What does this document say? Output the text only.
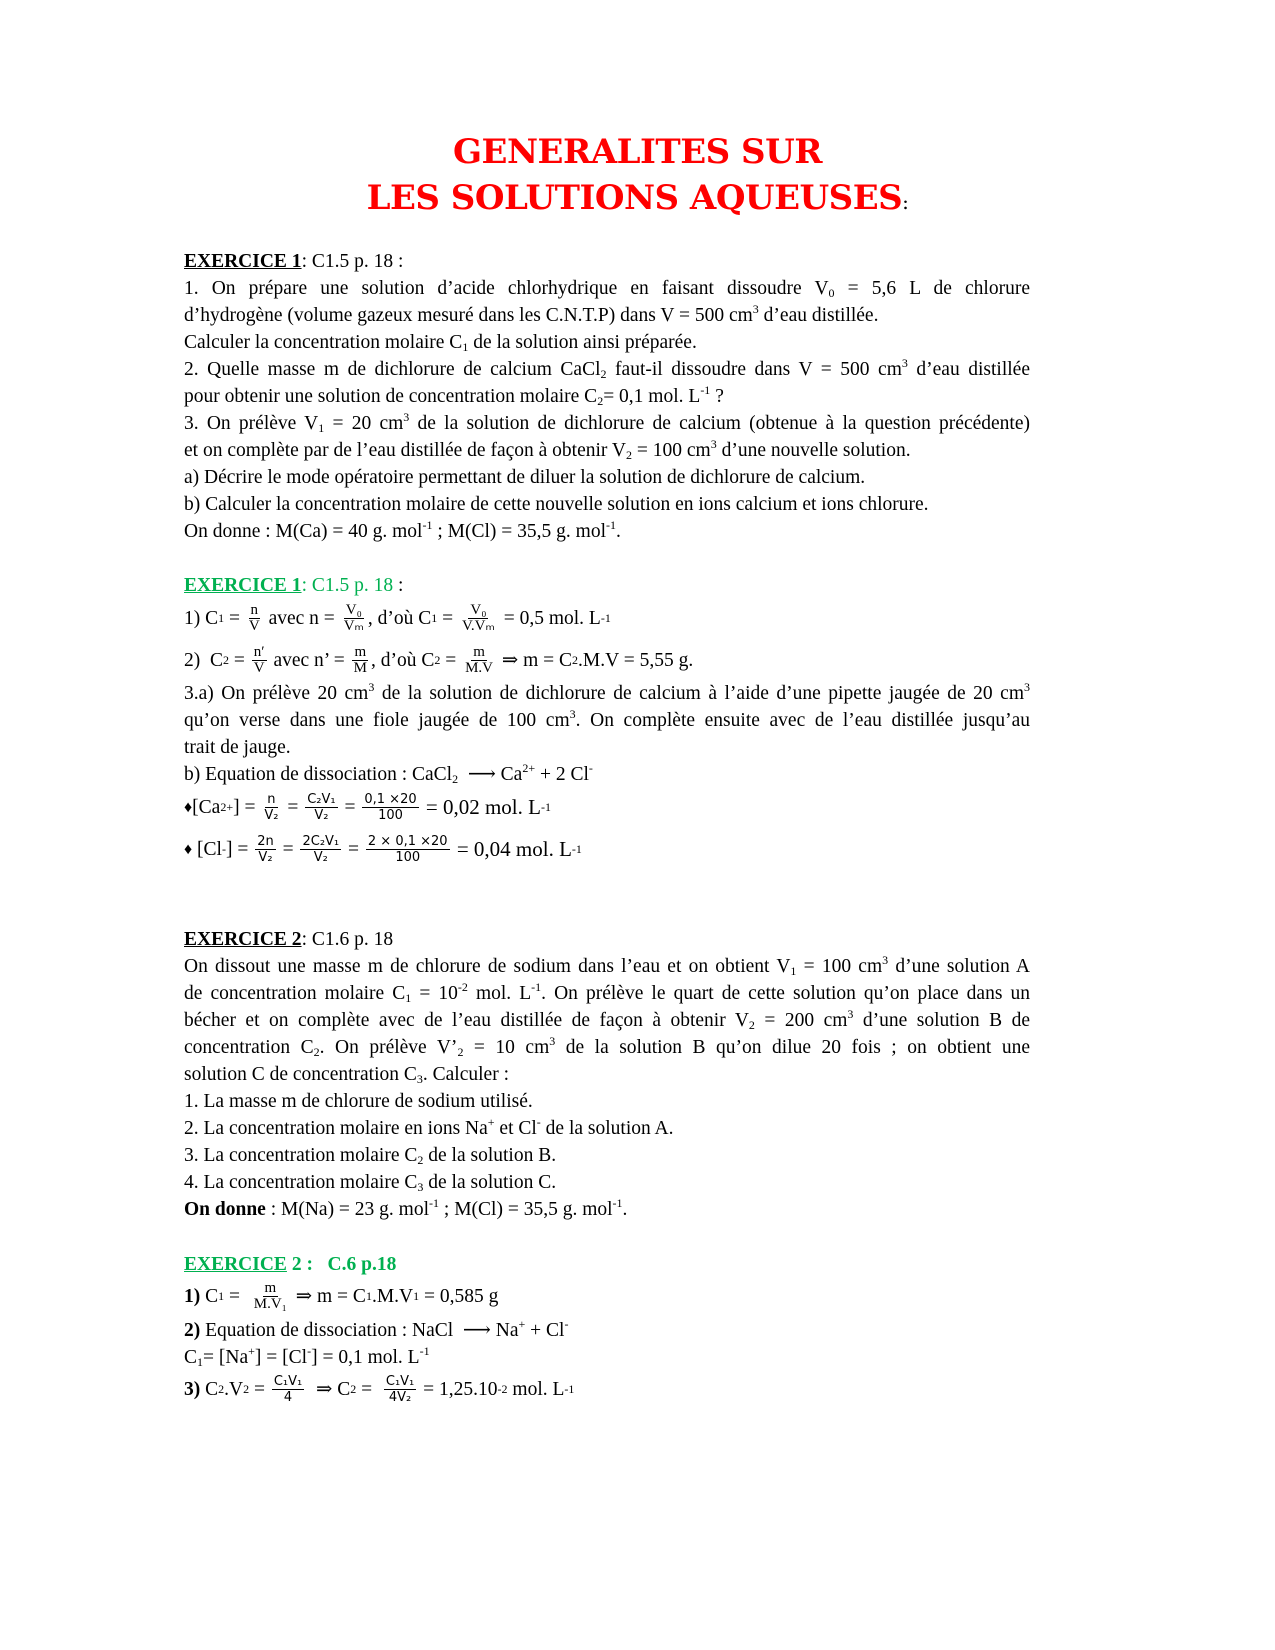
GENERALITES SUR
LES SOLUTIONS AQUEUSES:
EXERCICE 1: C1.5 p. 18 :
1. On prépare une solution d’acide chlorhydrique en faisant dissoudre $V_0 = 5,6$ L de chlorure
d’hydrogène (volume gazeux mesuré dans les C.N.T.P) dans V = 500 $cm^3$ d’eau distillée.
Calculer la concentration molaire $C_1$ de la solution ainsi préparée.
2. Quelle masse m de dichlorure de calcium CaCl$_2$ faut-il dissoudre dans V = 500 $cm^3$ d’eau distillée
pour obtenir une solution de concentration molaire $C_2= 0,1$ mol. $L^{-1}$ ?
3. On prélève $V_1 = 20$ $cm^3$ de la solution de dichlorure de calcium (obtenue à la question précédente)
et on complète par de l’eau distillée de façon à obtenir $V_2 = 100$ $cm^3$ d’une nouvelle solution.
a) Décrire le mode opératoire permettant de diluer la solution de dichlorure de calcium.
b) Calculer la concentration molaire de cette nouvelle solution en ions calcium et ions chlorure.
On donne : M(Ca) = 40 g. mol$^{-1}$ ; M(Cl) = 35,5 g. mol$^{-1}$.
EXERCICE 1: C1.5 p. 18 :
1) C $1 = \frac{n}{V}$ avec $n = \frac{\text{V₀}}{\text{Vₘ}}$ , d’où C $1 = \frac{\text{V₀}}{\text{V.Vₘ}} = 0,5$ mol. L -1
2)  C $2 = \frac{n'}{V}$ avec n’ = $\frac{m}{M}$ , d’où C $2 = \frac{m}{M.V}$ ⇒ m = C 2 .M.V = 5,55 g.
3.a) On prélève 20 $cm^3$ de la solution de dichlorure de calcium à l’aide d’une pipette jaugée de 20 $cm^3$
qu’on verse dans une fiole jaugée de 100 $cm^3$. On complète ensuite avec de l’eau distillée jusqu’au
trait de jauge.
b) Equation de dissociation : CaCl$_2$  ⟶ $Ca^{2+} + 2$ Cl-
♦ [Ca 2+ ] = $\frac{n}{\text{V₂}} = \frac{\text{C₂V₁}}{\text{V₂}} = \frac{0,1 \times 20}{100} = 0,02$ mol. L -1
♦ [Cl - ] = $\frac{2n}{\text{V₂}} = \frac{\text{2C₂V₁}}{\text{V₂}} = \frac{2 \times 0,1 \times 20}{100} = 0,04$ mol. L -1
EXERCICE 2: C1.6 p. 18
On dissout une masse m de chlorure de sodium dans l’eau et on obtient $V_1 = 100$ $cm^3$ d’une solution A
de concentration molaire $C_1 = 10^{-2}$ mol. $L^{-1}$. On prélève le quart de cette solution qu’on place dans un
bécher et on complète avec de l’eau distillée de façon à obtenir $V_2 = 200$ $cm^3$ d’une solution B de
concentration $C_2$. On prélève $V’_2 = 10$ $cm^3$ de la solution B qu’on dilue 20 fois ; on obtient une
solution C de concentration $C_3$. Calculer :
1. La masse m de chlorure de sodium utilisé.
2. La concentration molaire en ions Na+ et Cl- de la solution A.
3. La concentration molaire $C_2$ de la solution B.
4. La concentration molaire $C_3$ de la solution C.
On donne : M(Na) = 23 g. mol$^{-1}$ ; M(Cl) = 35,5 g. mol$^{-1}$.
EXERCICE 2 :   C.6 p.18
1) C $1 = \frac{m}{\text{M.V₁}}$ ⇒ m = C 1 .M.V 1 = 0,585 g
2) Equation de dissociation : NaCl  ⟶ Na+ + Cl-
$C_1= [Na^+] = [Cl^-] = 0,1$ mol. $L^{-1}$
3) C 2 .V $2 = \frac{\text{C₁V₁}}{4}$ ⇒ C $2 = \frac{\text{C₁V₁}}{\text{4V₂}} = 1,25.10$ -2 mol. L -1
